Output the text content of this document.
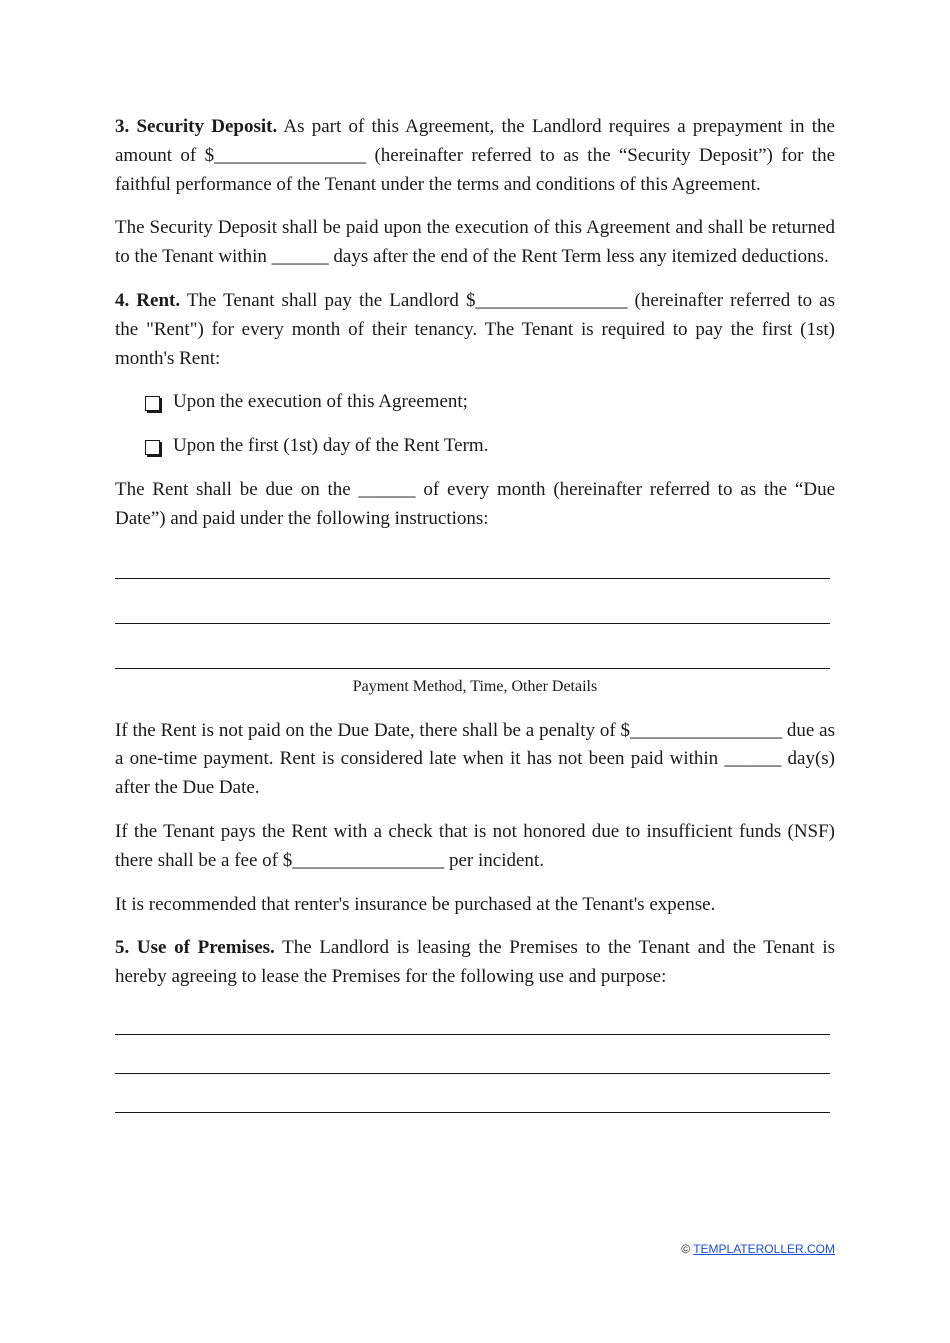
3. Security Deposit. As part of this Agreement, the Landlord requires a prepayment in the amount of $________________ (hereinafter referred to as the “Security Deposit”) for the faithful performance of the Tenant under the terms and conditions of this Agreement.

The Security Deposit shall be paid upon the execution of this Agreement and shall be returned to the Tenant within ______ days after the end of the Rent Term less any itemized deductions.

4. Rent. The Tenant shall pay the Landlord $________________ (hereinafter referred to as the "Rent") for every month of their tenancy. The Tenant is required to pay the first (1st) month's Rent:

Upon the execution of this Agreement;
Upon the first (1st) day of the Rent Term.

The Rent shall be due on the ______ of every month (hereinafter referred to as the “Due Date”) and paid under the following instructions:

Payment Method, Time, Other Details

If the Rent is not paid on the Due Date, there shall be a penalty of $________________ due as a one-time payment. Rent is considered late when it has not been paid within ______ day(s) after the Due Date.

If the Tenant pays the Rent with a check that is not honored due to insufficient funds (NSF) there shall be a fee of $________________ per incident.

It is recommended that renter's insurance be purchased at the Tenant's expense.

5. Use of Premises. The Landlord is leasing the Premises to the Tenant and the Tenant is hereby agreeing to lease the Premises for the following use and purpose:

© TEMPLATEROLLER.COM
